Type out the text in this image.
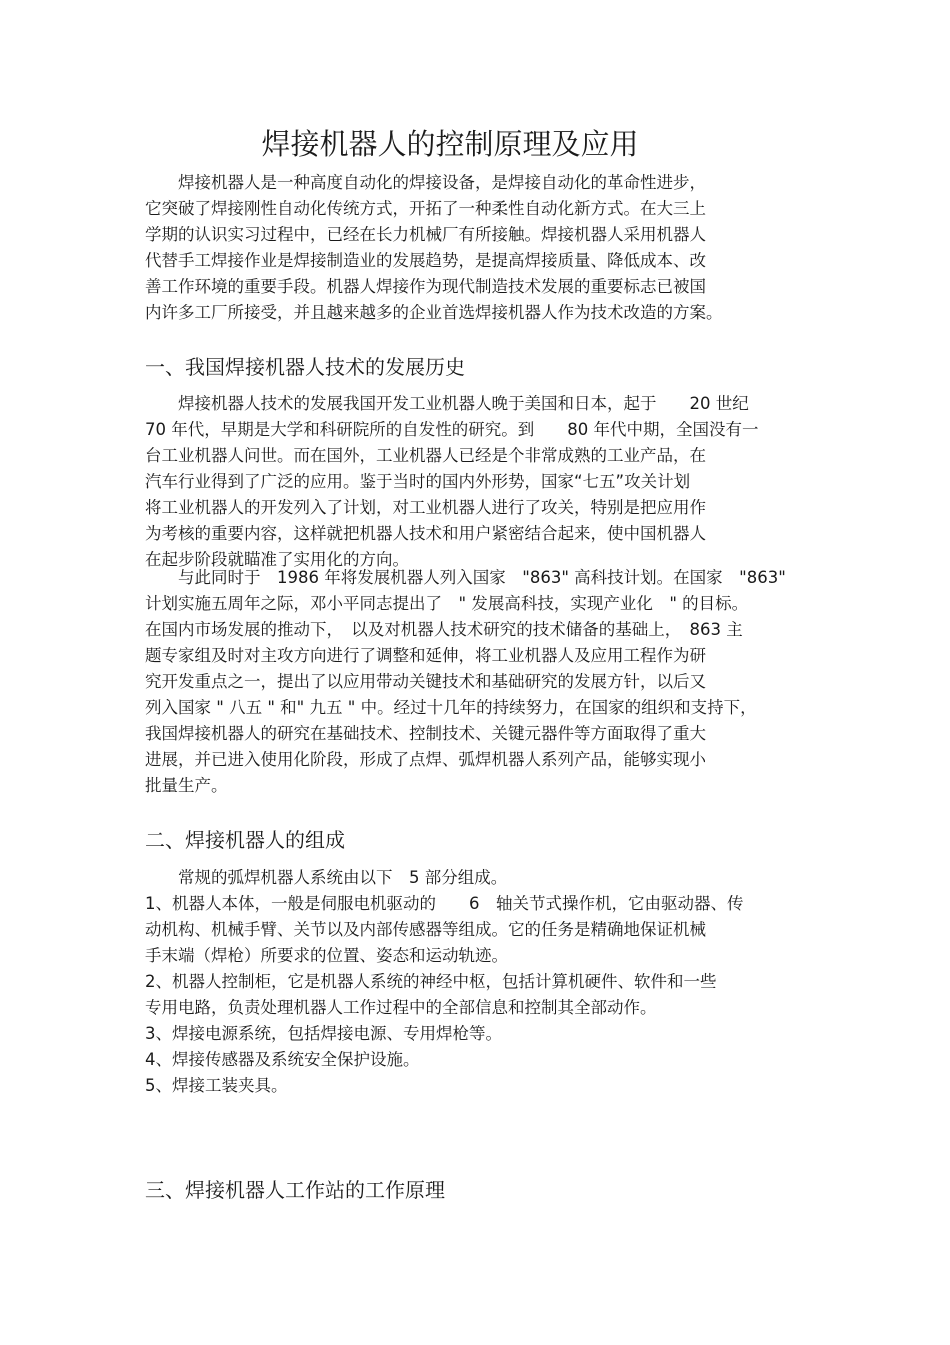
焊接机器人的控制原理及应用
焊接机器人是一种高度自动化的焊接设备，是焊接自动化的革命性进步，
它突破了焊接刚性自动化传统方式，开拓了一种柔性自动化新方式。在大三上
学期的认识实习过程中，已经在长力机械厂有所接触。焊接机器人采用机器人
代替手工焊接作业是焊接制造业的发展趋势，是提高焊接质量、降低成本、改
善工作环境的重要手段。机器人焊接作为现代制造技术发展的重要标志已被国
内许多工厂所接受，并且越来越多的企业首选焊接机器人作为技术改造的方案。
一、我国焊接机器人技术的发展历史
焊接机器人技术的发展我国开发工业机器人晚于美国和日本，起于　　20 世纪
70 年代，早期是大学和科研院所的自发性的研究。到　　80 年代中期，全国没有一
台工业机器人问世。而在国外，工业机器人已经是个非常成熟的工业产品，在
汽车行业得到了广泛的应用。鉴于当时的国内外形势，国家“七五”攻关计划
将工业机器人的开发列入了计划，对工业机器人进行了攻关，特别是把应用作
为考核的重要内容，这样就把机器人技术和用户紧密结合起来，使中国机器人
在起步阶段就瞄准了实用化的方向。
与此同时于　1986 年将发展机器人列入国家　"863" 高科技计划。在国家　"863"
计划实施五周年之际，邓小平同志提出了　" 发展高科技，实现产业化　" 的目标。
在国内市场发展的推动下，　以及对机器人技术研究的技术储备的基础上，　863 主
题专家组及时对主攻方向进行了调整和延伸，将工业机器人及应用工程作为研
究开发重点之一，提出了以应用带动关键技术和基础研究的发展方针，以后又
列入国家 " 八五 " 和" 九五 " 中。经过十几年的持续努力，在国家的组织和支持下，
我国焊接机器人的研究在基础技术、控制技术、关键元器件等方面取得了重大
进展，并已进入使用化阶段，形成了点焊、弧焊机器人系列产品，能够实现小
批量生产。
二、焊接机器人的组成
常规的弧焊机器人系统由以下　5 部分组成。
1、机器人本体，一般是伺服电机驱动的　　6　轴关节式操作机，它由驱动器、传
动机构、机械手臂、关节以及内部传感器等组成。它的任务是精确地保证机械
手末端（焊枪）所要求的位置、姿态和运动轨迹。
2、机器人控制柜，它是机器人系统的神经中枢，包括计算机硬件、软件和一些
专用电路，负责处理机器人工作过程中的全部信息和控制其全部动作。
3、焊接电源系统，包括焊接电源、专用焊枪等。
4、焊接传感器及系统安全保护设施。
5、焊接工装夹具。
三、焊接机器人工作站的工作原理
